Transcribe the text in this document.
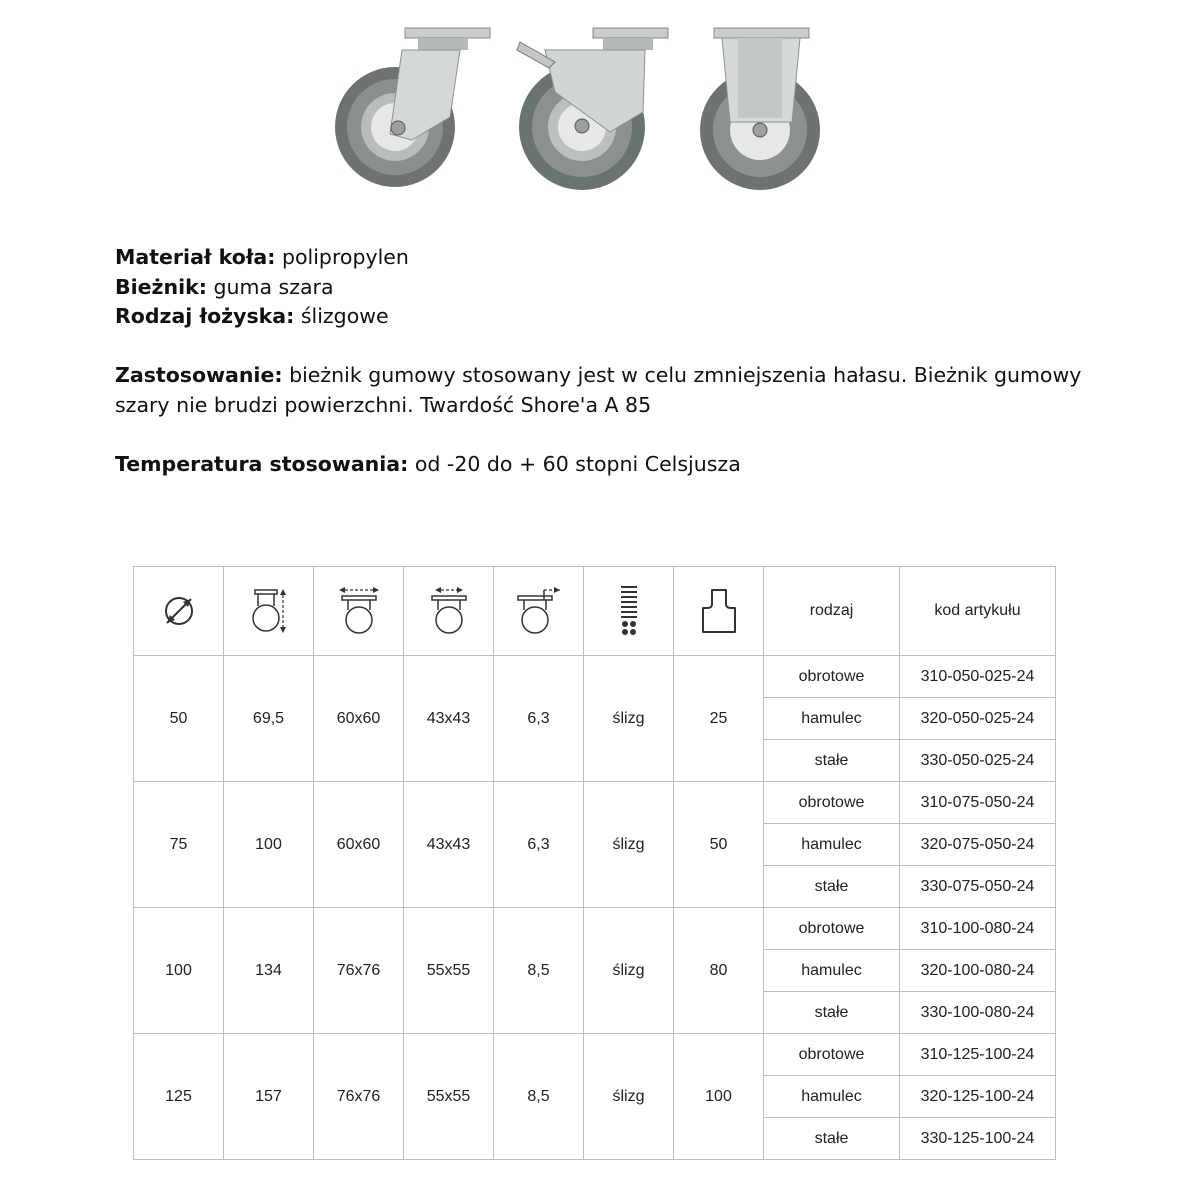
Materiał koła: polipropylen

Bieżnik: guma szara

Rodzaj łożyska: ślizgowe

Zastosowanie: bieżnik gumowy stosowany jest w celu zmniejszenia hałasu. Bieżnik gumowy szary nie brudzi powierzchni. Twardość Shore'a A 85

Temperatura stosowania: od -20 do + 60 stopni Celsjusza

							rodzaj	kod artykułu
50	69,5	60x60	43x43	6,3	ślizg	25	obrotowe	310-050-025-24
							hamulec	320-050-025-24
							stałe	330-050-025-24
75	100	60x60	43x43	6,3	ślizg	50	obrotowe	310-075-050-24
							hamulec	320-075-050-24
							stałe	330-075-050-24
100	134	76x76	55x55	8,5	ślizg	80	obrotowe	310-100-080-24
							hamulec	320-100-080-24
							stałe	330-100-080-24
125	157	76x76	55x55	8,5	ślizg	100	obrotowe	310-125-100-24
							hamulec	320-125-100-24
							stałe	330-125-100-24
